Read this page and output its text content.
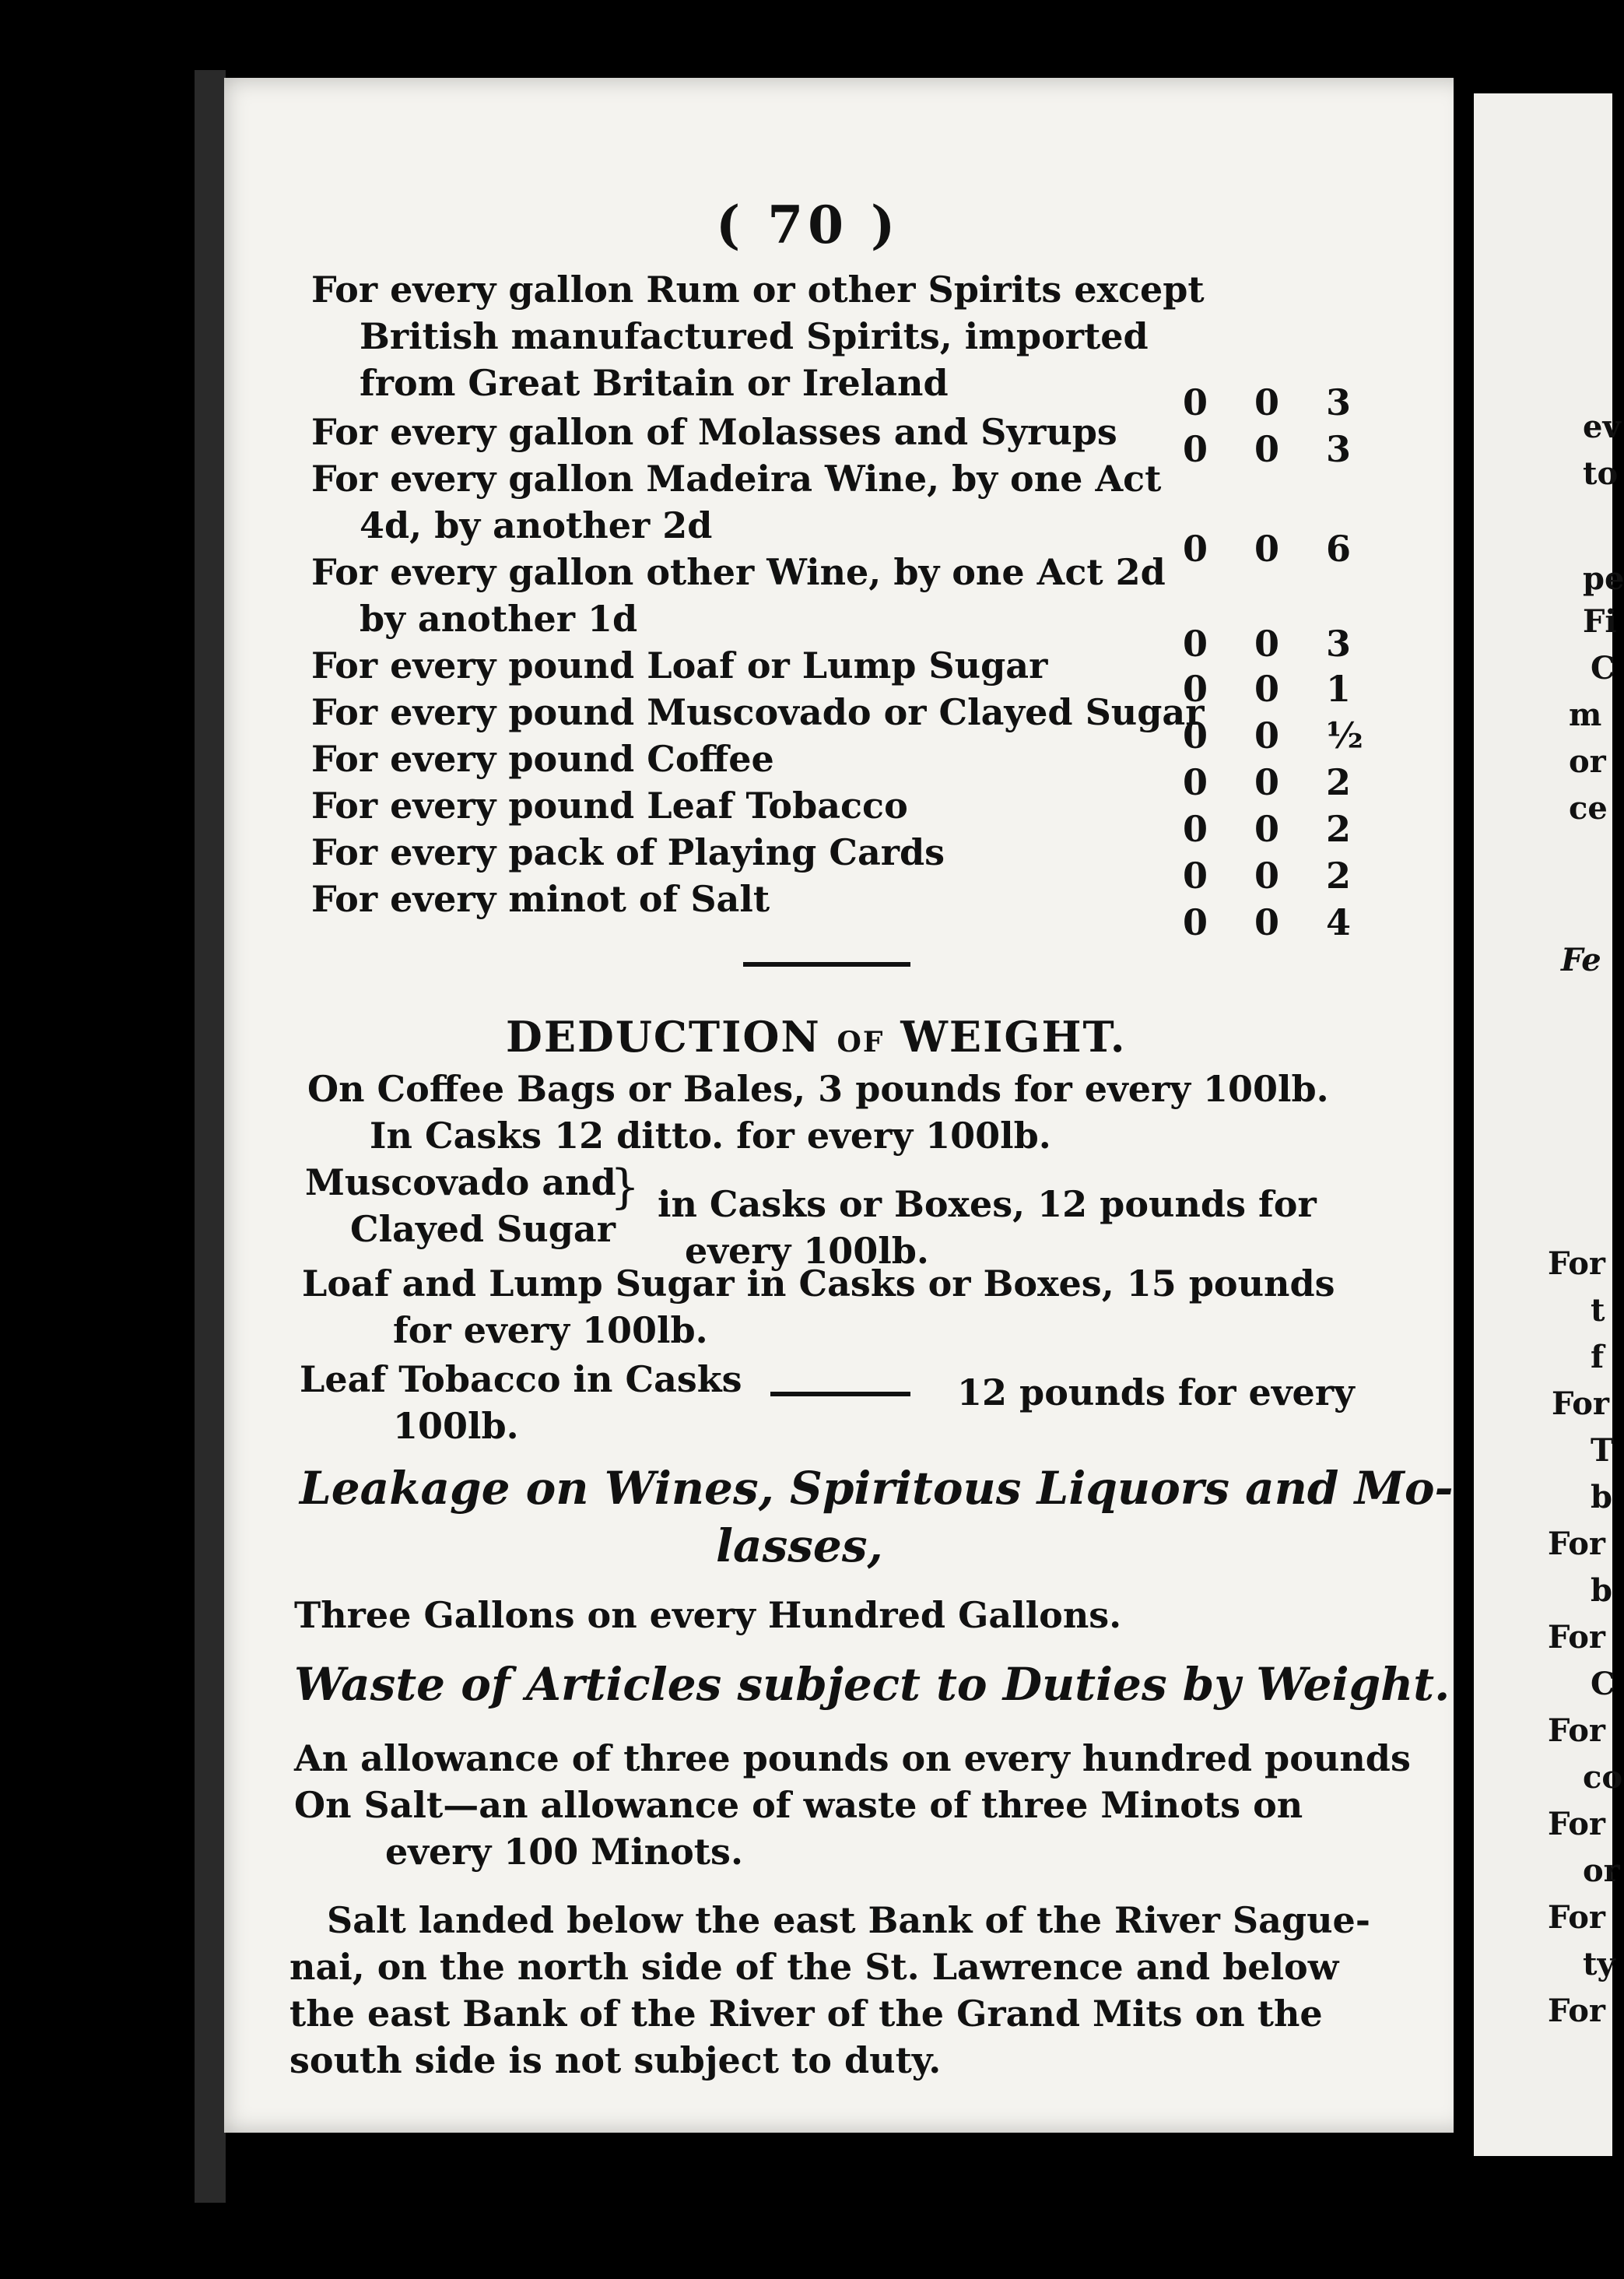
( 70 )
For every gallon Rum or other Spirits except
British manufactured Spirits, imported
from Great Britain or Ireland	0 0 3
For every gallon of Molasses and Syrups 0 0 3
For every gallon Madeira Wine, by one Act
4d, by another 2d
0 0 6
For every gallon other Wine, by one Act 2d
by another 1d
0 0 3
For every pound Loaf or Lump Sugar
0 0 1
For every pound Muscovado or Clayed Sugar
0 0 ½
For every pound Coffee
0 0 2
For every pound Leaf Tobacco
0 0 2
For every pack of Playing Cards
0 0 2
For every minot of Salt
0 0 4
DEDUCTION OF WEIGHT.
On Coffee Bags or Bales, 3 pounds for every 100lb.
In Casks 12 ditto. for every 100lb.
Muscovado and
Clayed Sugar
} in Casks or Boxes, 12 pounds for
every 100lb.
Loaf and Lump Sugar in Casks or Boxes, 15 pounds
for every 100lb.
Leaf Tobacco in Casks	12 pounds for every
100lb.
Leakage on Wines, Spiritous Liquors and Mo-
lasses,
Three Gallons on every Hundred Gallons.
Waste of Articles subject to Duties by Weight.
An allowance of three pounds on every hundred pounds
On Salt—an allowance of waste of three Minots on
every 100 Minots.
Salt landed below the east Bank of the River Sague-
nai, on the north side of the St. Lawrence and below
the east Bank of the River of the Grand Mits on the
south side is not subject to duty.
ev
to
pe
Fi
C
m
or
ce
Fe
For
t
f
For
T
b
For
b
For
C
For
co
For
or
For
ty
For
